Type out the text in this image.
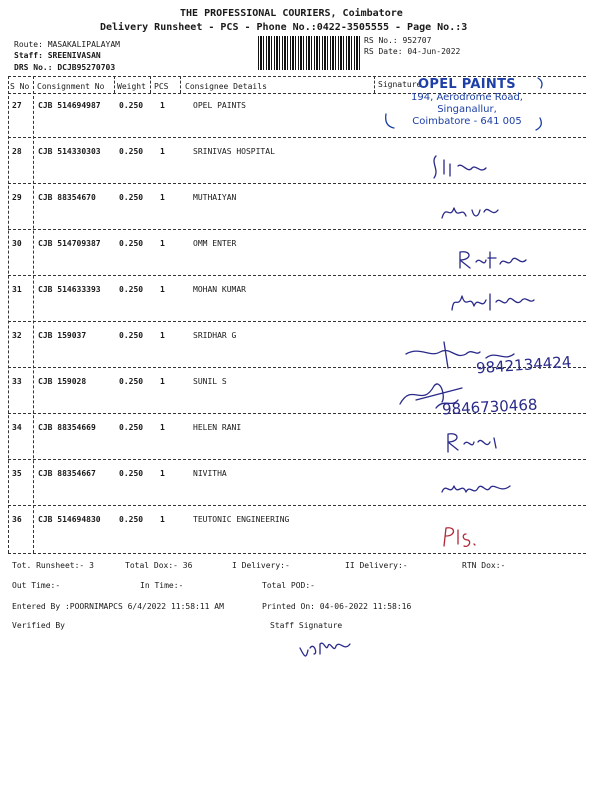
THE PROFESSIONAL COURIERS, Coimbatore
Delivery Runsheet - PCS - Phone No.:0422-3505555 - Page No.:3
Route: MASAKALIPALAYAM
Staff: SREENIVASAN
DRS No.: DCJB95270703
RS No.: 952707
RS Date: 04-Jun-2022
S No Consignment No Weight PCS Consignee Details	Signature
27 CJB 514694987 0.250 1	OPEL PAINTS
28 CJB 514330303 0.250 1	SRINIVAS HOSPITAL
29 CJB 88354670	0.250 1	MUTHAIYAN
30 CJB 514709387 0.250 1	OMM ENTER
31 CJB 514633393 0.250 1	MOHAN KUMAR
32 CJB 159037	0.250 1	SRIDHAR G
33 CJB 159028	0.250 1	SUNIL S
34 CJB 88354669	0.250 1	HELEN RANI
35 CJB 88354667	0.250 1	NIVITHA
36 CJB 514694830 0.250 1	TEUTONIC ENGINEERING
OPEL PAINTS
194, Aerodrome Road,
Singanallur,
Coimbatore - 641 005
9842134424
9846730468
Tot. Runsheet:- 3	Total Dox:- 36	I Delivery:-	II Delivery:-	RTN Dox:-
Out Time:-	In Time:-	Total POD:-
Entered By :POORNIMAPCS 6/4/2022 11:58:11 AM	Printed On: 04-06-2022 11:58:16
Verified By	Staff Signature
